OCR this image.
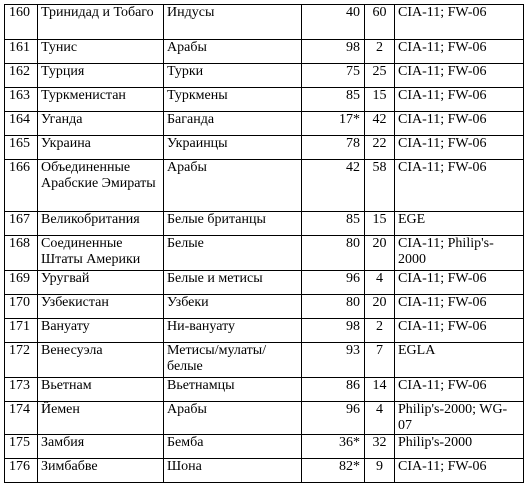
160	Тринидад и Тобаго	Индусы	40	60	CIA-11; FW-06
161	Тунис	Арабы	98	2	CIA-11; FW-06
162	Турция	Турки	75	25	CIA-11; FW-06
163	Туркменистан	Туркмены	85	15	CIA-11; FW-06
164	Уганда	Баганда	17*	42	CIA-11; FW-06
165	Украина	Украинцы	78	22	CIA-11; FW-06
166	Объединенные Арабские Эмираты	Арабы	42	58	CIA-11; FW-06
167	Великобритания	Белые британцы	85	15	EGE
168	Соединенные Штаты Америки	Белые	80	20	CIA-11; Philip's-2000
169	Уругвай	Белые и метисы	96	4	CIA-11; FW-06
170	Узбекистан	Узбеки	80	20	CIA-11; FW-06
171	Вануату	Ни-вануату	98	2	CIA-11; FW-06
172	Венесуэла	Метисы/мулаты/белые	93	7	EGLA
173	Вьетнам	Вьетнамцы	86	14	CIA-11; FW-06
174	Йемен	Арабы	96	4	Philip's-2000; WG-07
175	Замбия	Бемба	36*	32	Philip's-2000
176	Зимбабве	Шона	82*	9	CIA-11; FW-06
